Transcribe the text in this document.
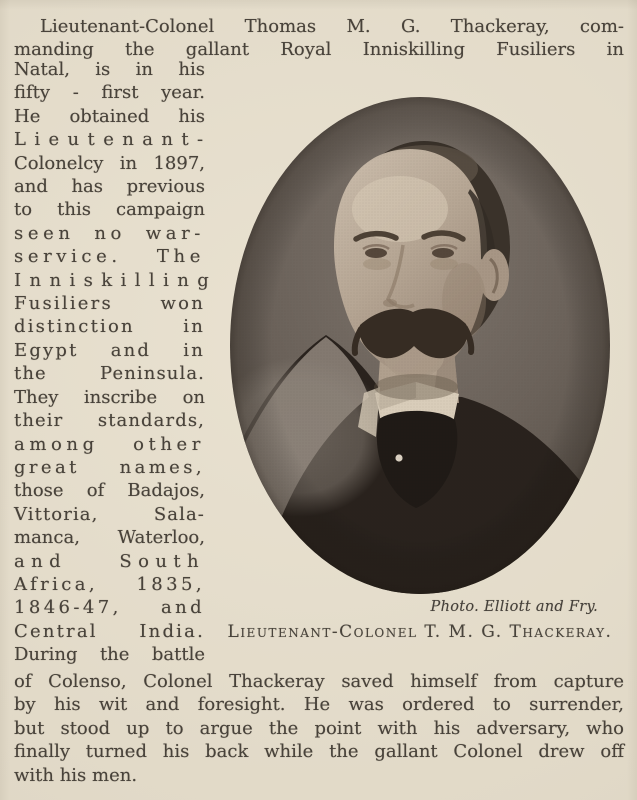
Lieutenant-Colonel Thomas M. G. Thackeray, com-
manding the gallant Royal Inniskilling Fusiliers in
Natal, is in his
fifty - first year.
He obtained his
Lieutenant-
Colonelcy in 1897,
and has previous
to this campaign
seen no war-
service. The
Inniskilling
Fusiliers won
distinction in
Egypt and in
the Peninsula.
They inscribe on
their standards,
among other
great names,
those of Badajos,
Vittoria, Sala-
manca, Waterloo,
and South
Africa, 1835,
1846-47, and
Central India.
During the battle
Photo. Elliott and Fry.
Lieutenant-Colonel T. M. G. Thackeray.
of Colenso, Colonel Thackeray saved himself from capture
by his wit and foresight. He was ordered to surrender,
but stood up to argue the point with his adversary, who
finally turned his back while the gallant Colonel drew off
with his men.
